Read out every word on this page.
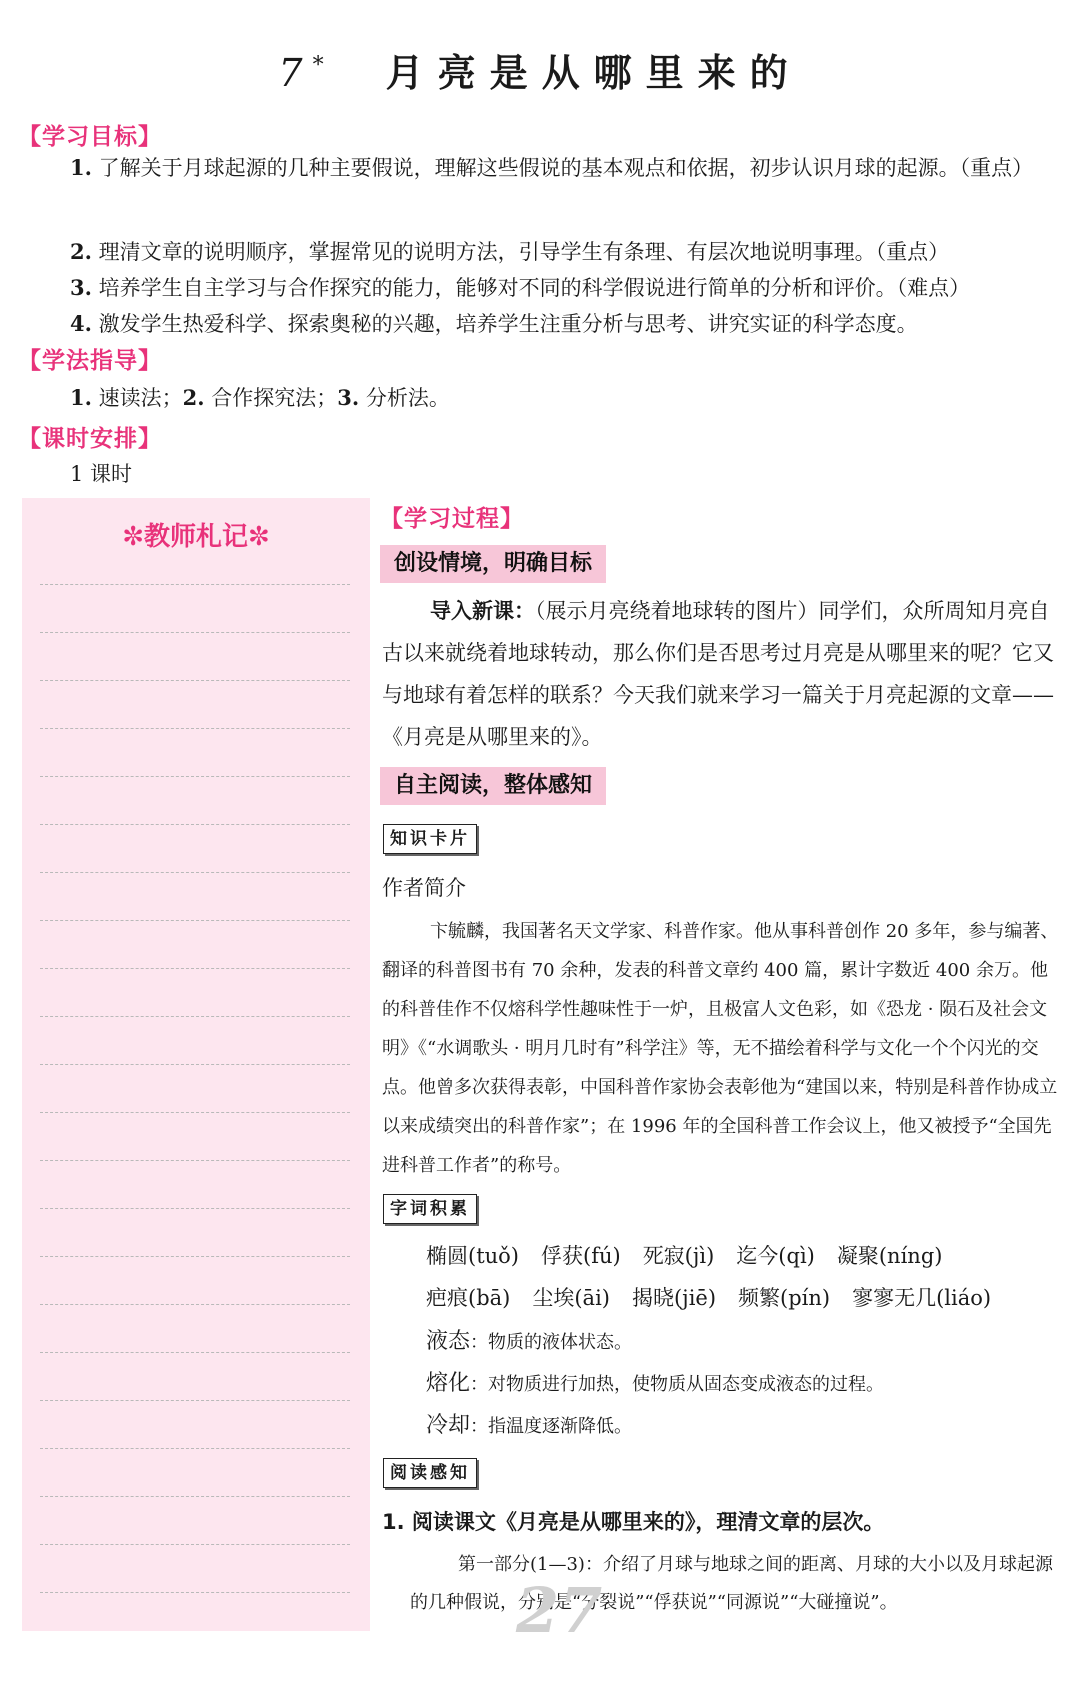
7 * 月亮是从哪里来的
【学习目标】
1. 了解关于月球起源的几种主要假说，理解这些假说的基本观点和依据，初步认识月球的起源。（重点）
2. 理清文章的说明顺序，掌握常见的说明方法，引导学生有条理、有层次地说明事理。（重点）
3. 培养学生自主学习与合作探究的能力，能够对不同的科学假说进行简单的分析和评价。（难点）
4. 激发学生热爱科学、探索奥秘的兴趣，培养学生注重分析与思考、讲究实证的科学态度。
【学法指导】
1. 速读法；2. 合作探究法；3. 分析法。
【课时安排】
1 课时
✼教师札记✼
【学习过程】
创设情境，明确目标
导入新课：（展示月亮绕着地球转的图片）同学们，众所周知月亮自古以来就绕着地球转动，那么你们是否思考过月亮是从哪里来的呢？它又与地球有着怎样的联系？今天我们就来学习一篇关于月亮起源的文章——《月亮是从哪里来的》。
自主阅读，整体感知
知识卡片
作者简介
卞毓麟，我国著名天文学家、科普作家。他从事科普创作 20 多年，参与编著、翻译的科普图书有 70 余种，发表的科普文章约 400 篇，累计字数近 400 余万。他的科普佳作不仅熔科学性趣味性于一炉，且极富人文色彩，如《恐龙 · 陨石及社会文明》《“水调歌头 · 明月几时有”科学注》等，无不描绘着科学与文化一个个闪光的交点。他曾多次获得表彰，中国科普作家协会表彰他为“建国以来，特别是科普作协成立以来成绩突出的科普作家”；在 1996 年的全国科普工作会议上，他又被授予“全国先进科普工作者”的称号。
字词积累
椭圆(tuǒ) 俘获(fú) 死寂(jì) 迄今(qì) 凝聚(níng)
疤痕(bā) 尘埃(āi) 揭晓(jiē) 频繁(pín) 寥寥无几(liáo)
液态：物质的液体状态。
熔化：对物质进行加热，使物质从固态变成液态的过程。
冷却：指温度逐渐降低。
阅读感知
1. 阅读课文《月亮是从哪里来的》，理清文章的层次。
第一部分(1—3)：介绍了月球与地球之间的距离、月球的大小以及月球起源的几种假说，分别是“分裂说”“俘获说”“同源说”“大碰撞说”。
27
